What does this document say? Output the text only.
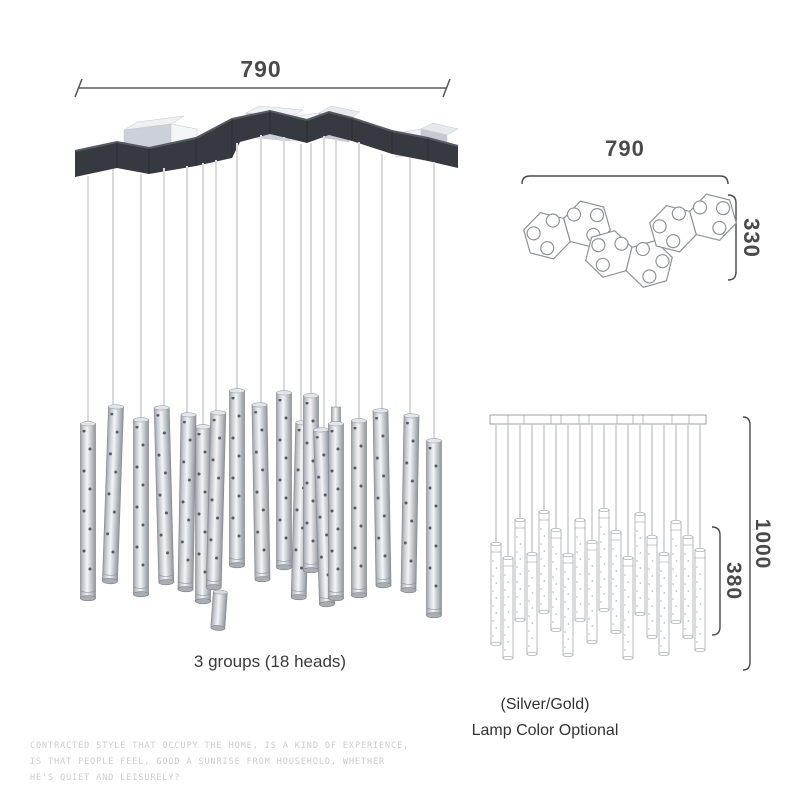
790
790
330
1000
380
3 groups (18 heads)
(Silver/Gold)
Lamp Color Optional
CONTRACTED STYLE THAT OCCUPY THE HOME, IS A KIND OF EXPERIENCE,
IS THAT PEOPLE FEEL, GOOD A SUNRISE FROM HOUSEHOLD, WHETHER
HE'S QUIET AND LEISURELY?
